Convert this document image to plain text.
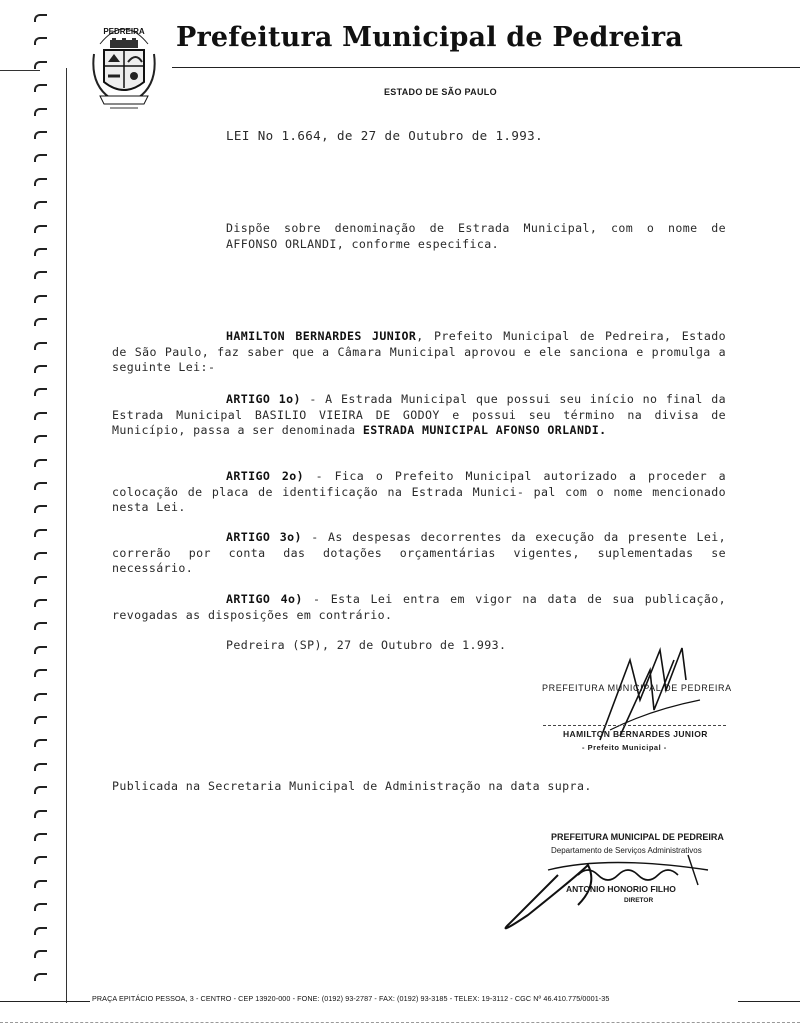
PEDREIRA Prefeitura Municipal de Pedreira
ESTADO DE SÃO PAULO
LEI No 1.664, de 27 de Outubro de 1.993.
Dispõe sobre denominação de Estrada Municipal, com o nome de AFFONSO ORLANDI, conforme especifica.
HAMILTON BERNARDES JUNIOR, Prefeito Municipal de Pedreira, Estado de São Paulo, faz saber que a Câmara Municipal aprovou e ele sanciona e promulga a seguinte Lei:-
ARTIGO 1o) - A Estrada Municipal que possui seu início no final da Estrada Municipal BASILIO VIEIRA DE GODOY e possui seu término na divisa de Município, passa a ser denominada ESTRADA MUNICIPAL AFONSO ORLANDI.
ARTIGO 2o) - Fica o Prefeito Municipal autorizado a proceder a colocação de placa de identificação na Estrada Munici- pal com o nome mencionado nesta Lei.
ARTIGO 3o) - As despesas decorrentes da execução da presente Lei, correrão por conta das dotações orçamentárias vigentes, suplementadas se necessário.
ARTIGO 4o) - Esta Lei entra em vigor na data de sua publicação, revogadas as disposições em contrário.
Pedreira (SP), 27 de Outubro de 1.993.
PREFEITURA MUNICIPAL DE PEDREIRA
HAMILTON BERNARDES JUNIOR
- Prefeito Municipal -
Publicada na Secretaria Municipal de Administração na data supra.
PREFEITURA MUNICIPAL DE PEDREIRA
Departamento de Serviços Administrativos
ANTONIO HONORIO FILHO
DIRETOR
PRAÇA EPITÁCIO PESSOA, 3 - CENTRO - CEP 13920-000 - FONE: (0192) 93-2787 - FAX: (0192) 93-3185 - TELEX: 19-3112 - CGC Nº 46.410.775/0001-35
